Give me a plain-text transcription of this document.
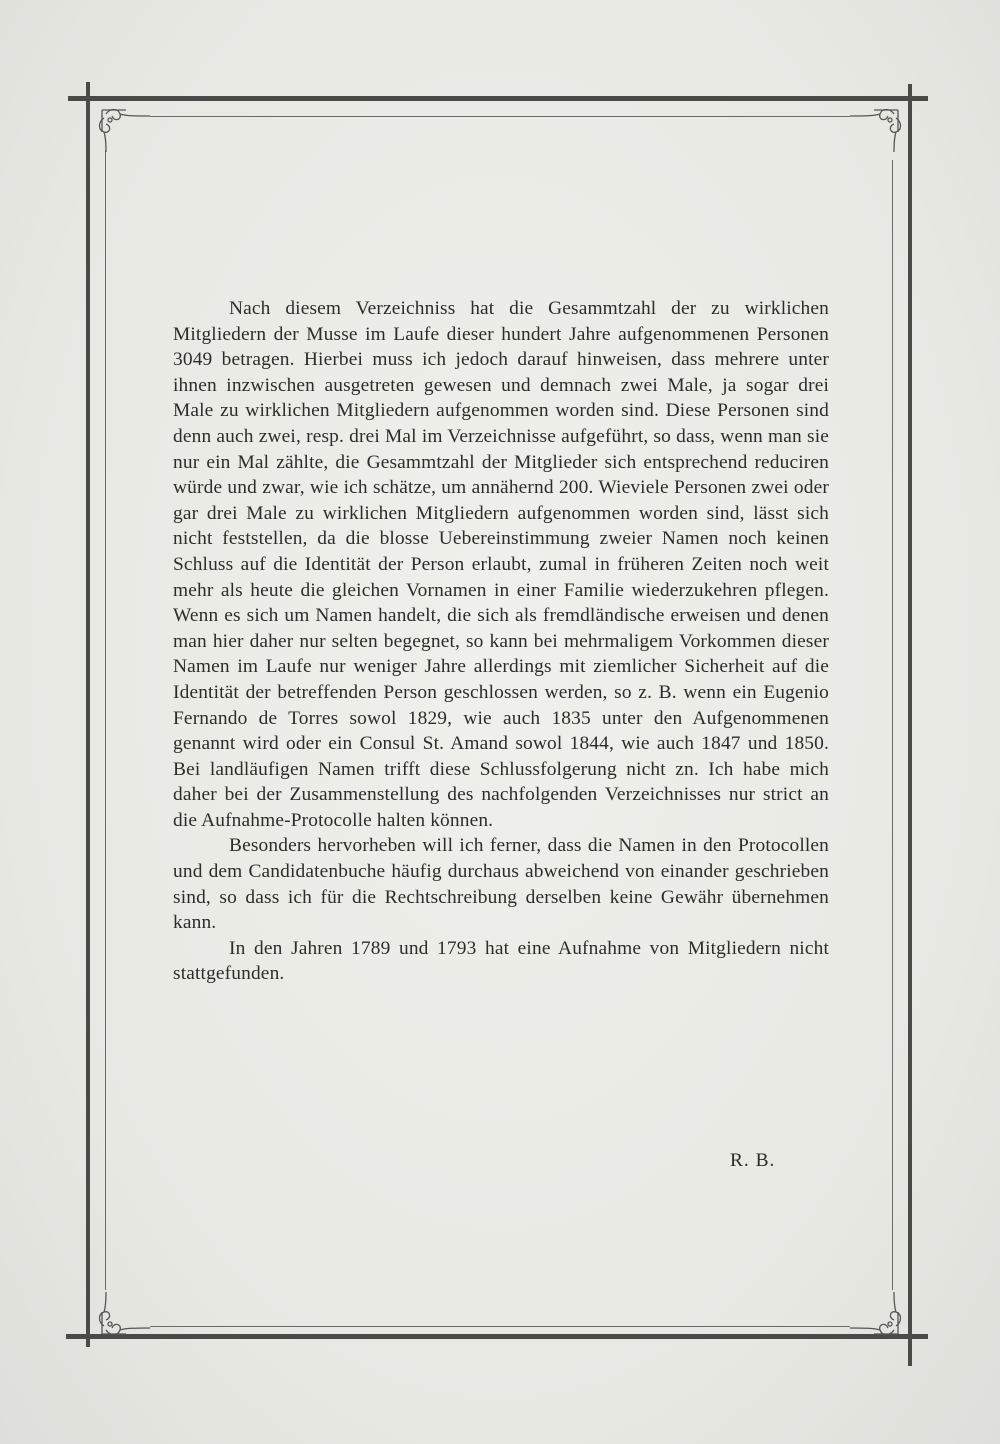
Nach diesem Verzeichniss hat die Gesammtzahl der zu wirklichen Mitgliedern der Musse im Laufe dieser hundert Jahre aufgenommenen Personen 3049 betragen. Hierbei muss ich jedoch darauf hinweisen, dass mehrere unter ihnen inzwischen ausgetreten gewesen und demnach zwei Male, ja sogar drei Male zu wirklichen Mitgliedern aufgenommen worden sind. Diese Personen sind denn auch zwei, resp. drei Mal im Verzeichnisse aufgeführt, so dass, wenn man sie nur ein Mal zählte, die Gesammtzahl der Mitglieder sich entsprechend reduciren würde und zwar, wie ich schätze, um annähernd 200. Wieviele Personen zwei oder gar drei Male zu wirklichen Mitgliedern aufgenommen worden sind, lässt sich nicht feststellen, da die blosse Uebereinstimmung zweier Namen noch keinen Schluss auf die Identität der Person erlaubt, zumal in früheren Zeiten noch weit mehr als heute die gleichen Vornamen in einer Familie wiederzukehren pflegen. Wenn es sich um Namen handelt, die sich als fremdländische erweisen und denen man hier daher nur selten begegnet, so kann bei mehrmaligem Vorkommen dieser Namen im Laufe nur weniger Jahre allerdings mit ziemlicher Sicherheit auf die Identität der betreffenden Person geschlossen werden, so z. B. wenn ein Eugenio Fernando de Torres sowol 1829, wie auch 1835 unter den Aufgenommenen genannt wird oder ein Consul St. Amand sowol 1844, wie auch 1847 und 1850. Bei landläufigen Namen trifft diese Schlussfolgerung nicht zn. Ich habe mich daher bei der Zusammenstellung des nachfolgenden Verzeichnisses nur strict an die Aufnahme-Protocolle halten können.

Besonders hervorheben will ich ferner, dass die Namen in den Protocollen und dem Candidatenbuche häufig durchaus abweichend von einander geschrieben sind, so dass ich für die Rechtschreibung derselben keine Gewähr übernehmen kann.

In den Jahren 1789 und 1793 hat eine Aufnahme von Mitgliedern nicht stattgefunden.

R. B.
